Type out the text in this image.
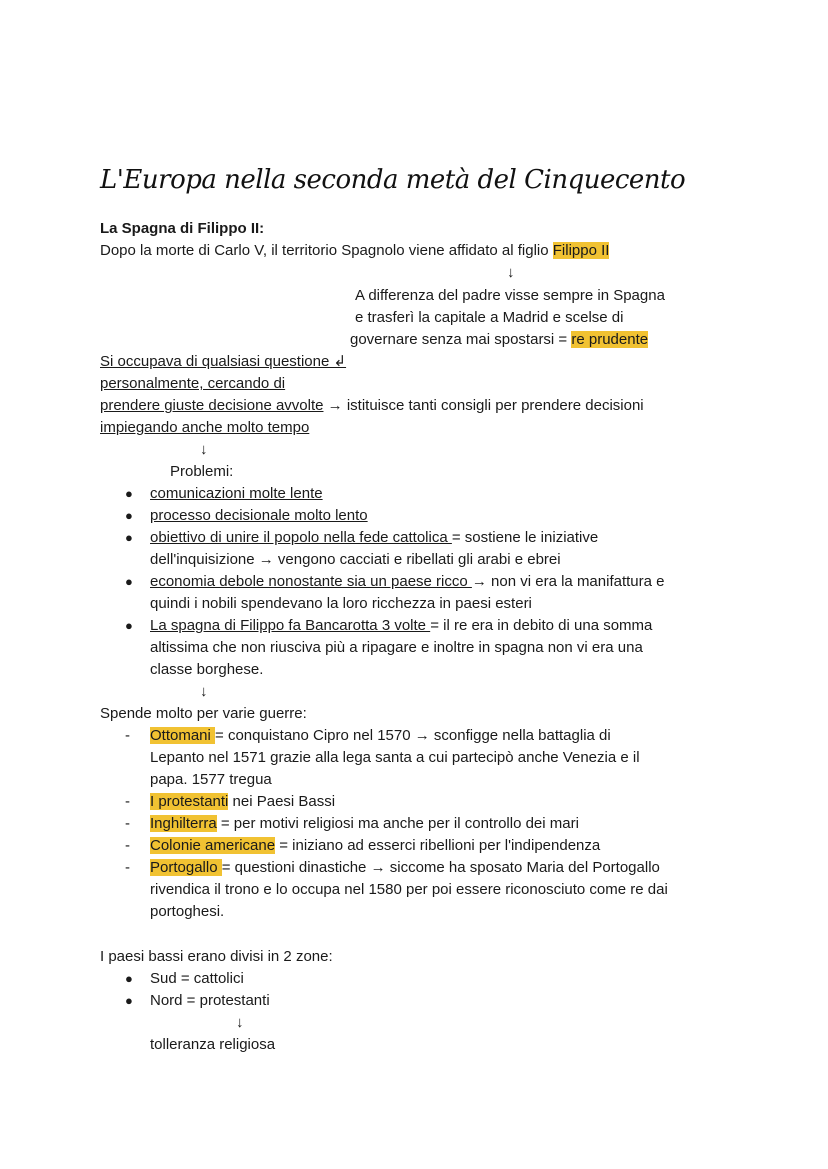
L'Europa nella seconda metà del Cinquecento
La Spagna di Filippo II:
Dopo la morte di Carlo V, il territorio Spagnolo viene affidato al figlio Filippo II
↓
A differenza del padre visse sempre in Spagna
e trasferì la capitale a Madrid e scelse di
governare senza mai spostarsi = re prudente
Si occupava di qualsiasi questione ↲
personalmente, cercando di
prendere giuste decisione avvolte → istituisce tanti consigli per prendere decisioni
impiegando anche molto tempo
↓
Problemi:
↓
Spende molto per varie guerre:
I paesi bassi erano divisi in 2 zone:
● Sud = cattolici
● Nord = protestanti
↓
tolleranza religiosa
● comunicazioni molte lente
● processo decisionale molto lento
● obiettivo di unire il popolo nella fede cattolica = sostiene le iniziative
dell'inquisizione → vengono cacciati e ribellati gli arabi e ebrei
● economia debole nonostante sia un paese ricco → non vi era la manifattura e
quindi i nobili spendevano la loro ricchezza in paesi esteri
● La spagna di Filippo fa Bancarotta 3 volte = il re era in debito di una somma
altissima che non riusciva più a ripagare e inoltre in spagna non vi era una
classe borghese.
- Ottomani = conquistano Cipro nel 1570 → sconfigge nella battaglia di
Lepanto nel 1571 grazie alla lega santa a cui partecipò anche Venezia e il
papa. 1577 tregua
- I protestanti nei Paesi Bassi
- Inghilterra = per motivi religiosi ma anche per il controllo dei mari
- Colonie americane = iniziano ad esserci ribellioni per l'indipendenza
- Portogallo = questioni dinastiche → siccome ha sposato Maria del Portogallo
rivendica il trono e lo occupa nel 1580 per poi essere riconosciuto come re dai
portoghesi.
